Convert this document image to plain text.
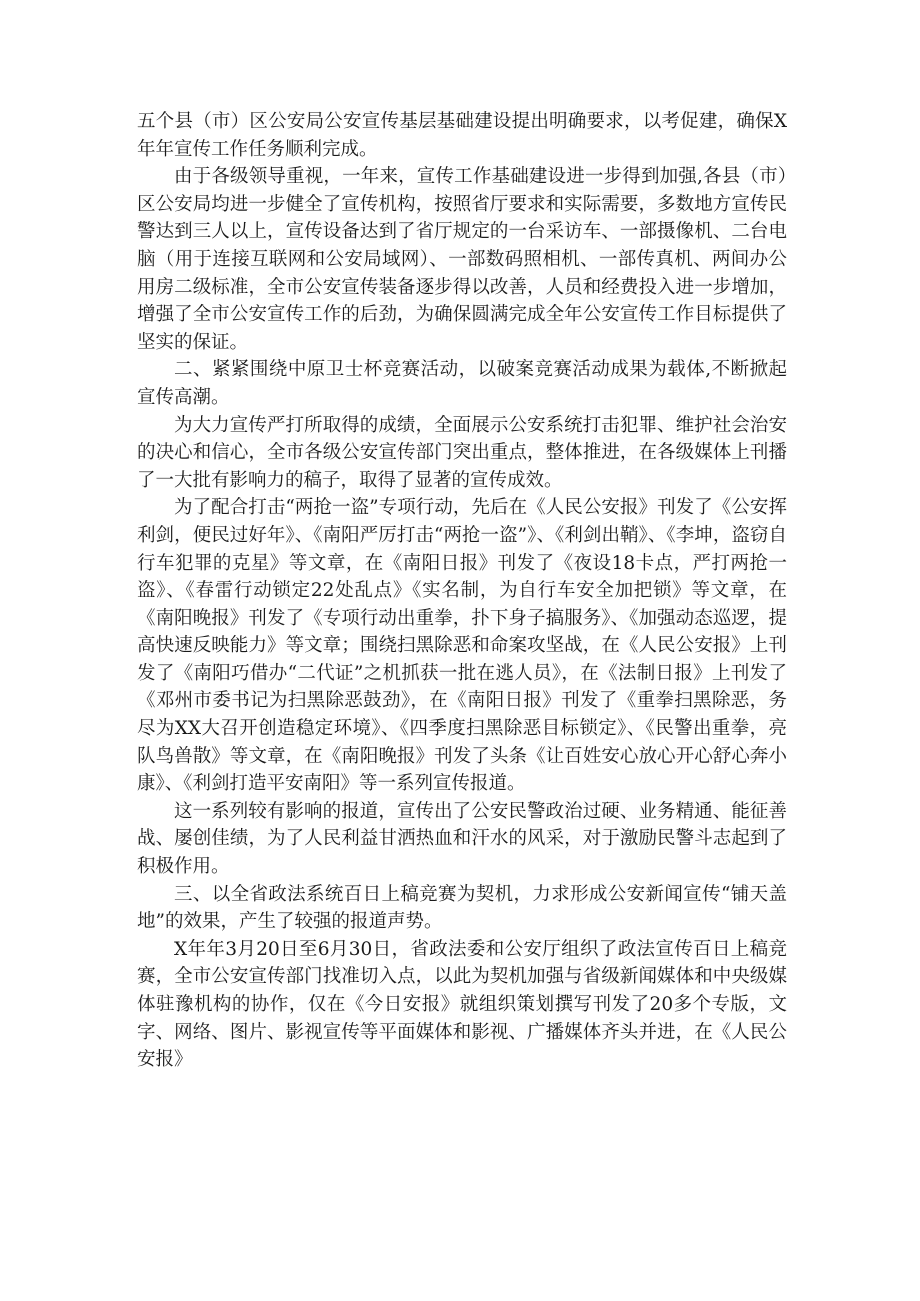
五个县（市）区公安局公安宣传基层基础建设提出明确要求，以考促建，确保X年年宣传工作任务顺利完成。

由于各级领导重视，一年来，宣传工作基础建设进一步得到加强,各县（市）区公安局均进一步健全了宣传机构，按照省厅要求和实际需要，多数地方宣传民警达到三人以上，宣传设备达到了省厅规定的一台采访车、一部摄像机、二台电脑（用于连接互联网和公安局域网）、一部数码照相机、一部传真机、两间办公用房二级标准，全市公安宣传装备逐步得以改善，人员和经费投入进一步增加，增强了全市公安宣传工作的后劲，为确保圆满完成全年公安宣传工作目标提供了坚实的保证。

二、紧紧围绕中原卫士杯竞赛活动，以破案竞赛活动成果为载体,不断掀起宣传高潮。

为大力宣传严打所取得的成绩，全面展示公安系统打击犯罪、维护社会治安的决心和信心，全市各级公安宣传部门突出重点，整体推进，在各级媒体上刊播了一大批有影响力的稿子，取得了显著的宣传成效。

为了配合打击“两抢一盗”专项行动，先后在《人民公安报》刊发了《公安挥利剑，便民过好年》、《南阳严厉打击“两抢一盗”》、《利剑出鞘》、《李坤，盗窃自行车犯罪的克星》等文章，在《南阳日报》刊发了《夜设18卡点，严打两抢一盗》、《春雷行动锁定22处乱点》《实名制，为自行车安全加把锁》等文章，在《南阳晚报》刊发了《专项行动出重拳，扑下身子搞服务》、《加强动态巡逻，提高快速反映能力》等文章；围绕扫黑除恶和命案攻坚战，在《人民公安报》上刊发了《南阳巧借办“二代证”之机抓获一批在逃人员》，在《法制日报》上刊发了《邓州市委书记为扫黑除恶鼓劲》，在《南阳日报》刊发了《重拳扫黑除恶，务尽为XX大召开创造稳定环境》、《四季度扫黑除恶目标锁定》、《民警出重拳，亮队鸟兽散》等文章，在《南阳晚报》刊发了头条《让百姓安心放心开心舒心奔小康》、《利剑打造平安南阳》等一系列宣传报道。

这一系列较有影响的报道，宣传出了公安民警政治过硬、业务精通、能征善战、屡创佳绩，为了人民利益甘洒热血和汗水的风采，对于激励民警斗志起到了积极作用。

三、以全省政法系统百日上稿竞赛为契机，力求形成公安新闻宣传“铺天盖地”的效果，产生了较强的报道声势。

X年年3月20日至6月30日，省政法委和公安厅组织了政法宣传百日上稿竞赛，全市公安宣传部门找准切入点，以此为契机加强与省级新闻媒体和中央级媒体驻豫机构的协作，仅在《今日安报》就组织策划撰写刊发了20多个专版，文字、网络、图片、影视宣传等平面媒体和影视、广播媒体齐头并进，在《人民公安报》
